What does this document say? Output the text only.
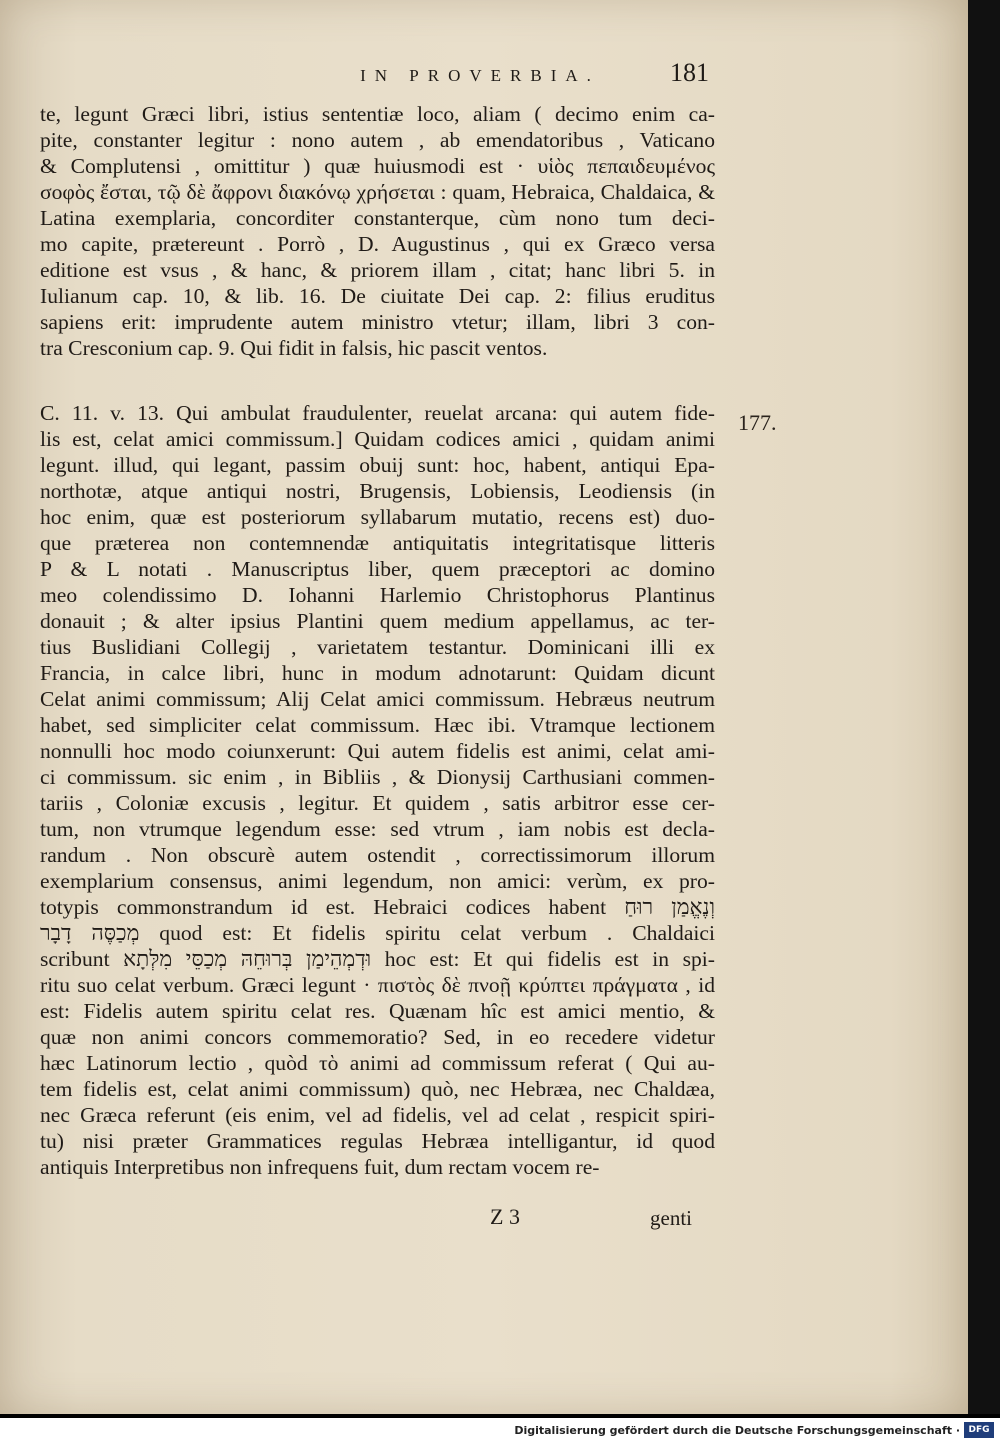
IN PROVERBIA.	181
te, legunt Græci libri, istius sententiæ loco, aliam ( decimo enim ca-
pite, constanter legitur : nono autem , ab emendatoribus , Vaticano
& Complutensi , omittitur ) quæ huiusmodi est · υἱὸς πεπαιδευμένος
σοφὸς ἔσται, τῷ δὲ ἄφρονι διακόνῳ χρήσεται : quam, Hebraica, Chaldaica, &
Latina exemplaria, concorditer constanterque, cùm nono tum deci-
mo capite, prætereunt . Porrò , D. Augustinus , qui ex Græco versa
editione est vsus , & hanc, & priorem illam , citat; hanc libri 5. in
Iulianum cap. 10, & lib. 16. De ciuitate Dei cap. 2: filius eruditus
sapiens erit: imprudente autem ministro vtetur; illam, libri 3 con-
tra Cresconium cap. 9. Qui fidit in falsis, hic pascit ventos.
C. 11. v. 13. Qui ambulat fraudulenter, reuelat arcana: qui autem fide-
lis est, celat amici commissum.] Quidam codices amici , quidam animi
legunt. illud, qui legant, passim obuij sunt: hoc, habent, antiqui Epa-
northotæ, atque antiqui nostri, Brugensis, Lobiensis, Leodiensis (in
hoc enim, quæ est posteriorum syllabarum mutatio, recens est) duo-
que præterea non contemnendæ antiquitatis integritatisque litteris
P & L notati . Manuscriptus liber, quem præceptori ac domino
meo colendissimo D. Iohanni Harlemio Christophorus Plantinus
donauit ; & alter ipsius Plantini quem medium appellamus, ac ter-
tius Buslidiani Collegij , varietatem testantur. Dominicani illi ex
Francia, in calce libri, hunc in modum adnotarunt: Quidam dicunt
Celat animi commissum; Alij Celat amici commissum. Hebræus neutrum
habet, sed simpliciter celat commissum. Hæc ibi. Vtramque lectionem
nonnulli hoc modo coiunxerunt: Qui autem fidelis est animi, celat ami-
ci commissum. sic enim , in Bibliis , & Dionysij Carthusiani commen-
tariis , Coloniæ excusis , legitur. Et quidem , satis arbitror esse cer-
tum, non vtrumque legendum esse: sed vtrum , iam nobis est decla-
randum . Non obscurè autem ostendit , correctissimorum illorum
exemplarium consensus, animi legendum, non amici: verùm, ex pro-
totypis commonstrandum id est. Hebraici codices habent וְנֶאֱמַן רוּחַ
מְכַסֶּה דָבָר quod est: Et fidelis spiritu celat verbum . Chaldaici
scribunt וּדְמְהֵימַן בְּרוּחֵהּ מְכַסֵּי מִלְּתָא hoc est: Et qui fidelis est in spi-
ritu suo celat verbum. Græci legunt · πιστὸς δὲ πνοῇ κρύπτει πράγματα , id
est: Fidelis autem spiritu celat res. Quænam hîc est amici mentio, &
quæ non animi concors commemoratio? Sed, in eo recedere videtur
hæc Latinorum lectio , quòd τὸ animi ad commissum referat ( Qui au-
tem fidelis est, celat animi commissum) quò, nec Hebræa, nec Chaldæa,
nec Græca referunt (eis enim, vel ad fidelis, vel ad celat , respicit spiri-
tu) nisi præter Grammatices regulas Hebræa intelligantur, id quod
antiquis Interpretibus non infrequens fuit, dum rectam vocem re-
177.
Z 3	genti
Digitalisierung gefördert durch die Deutsche Forschungsgemeinschaft · DFG
